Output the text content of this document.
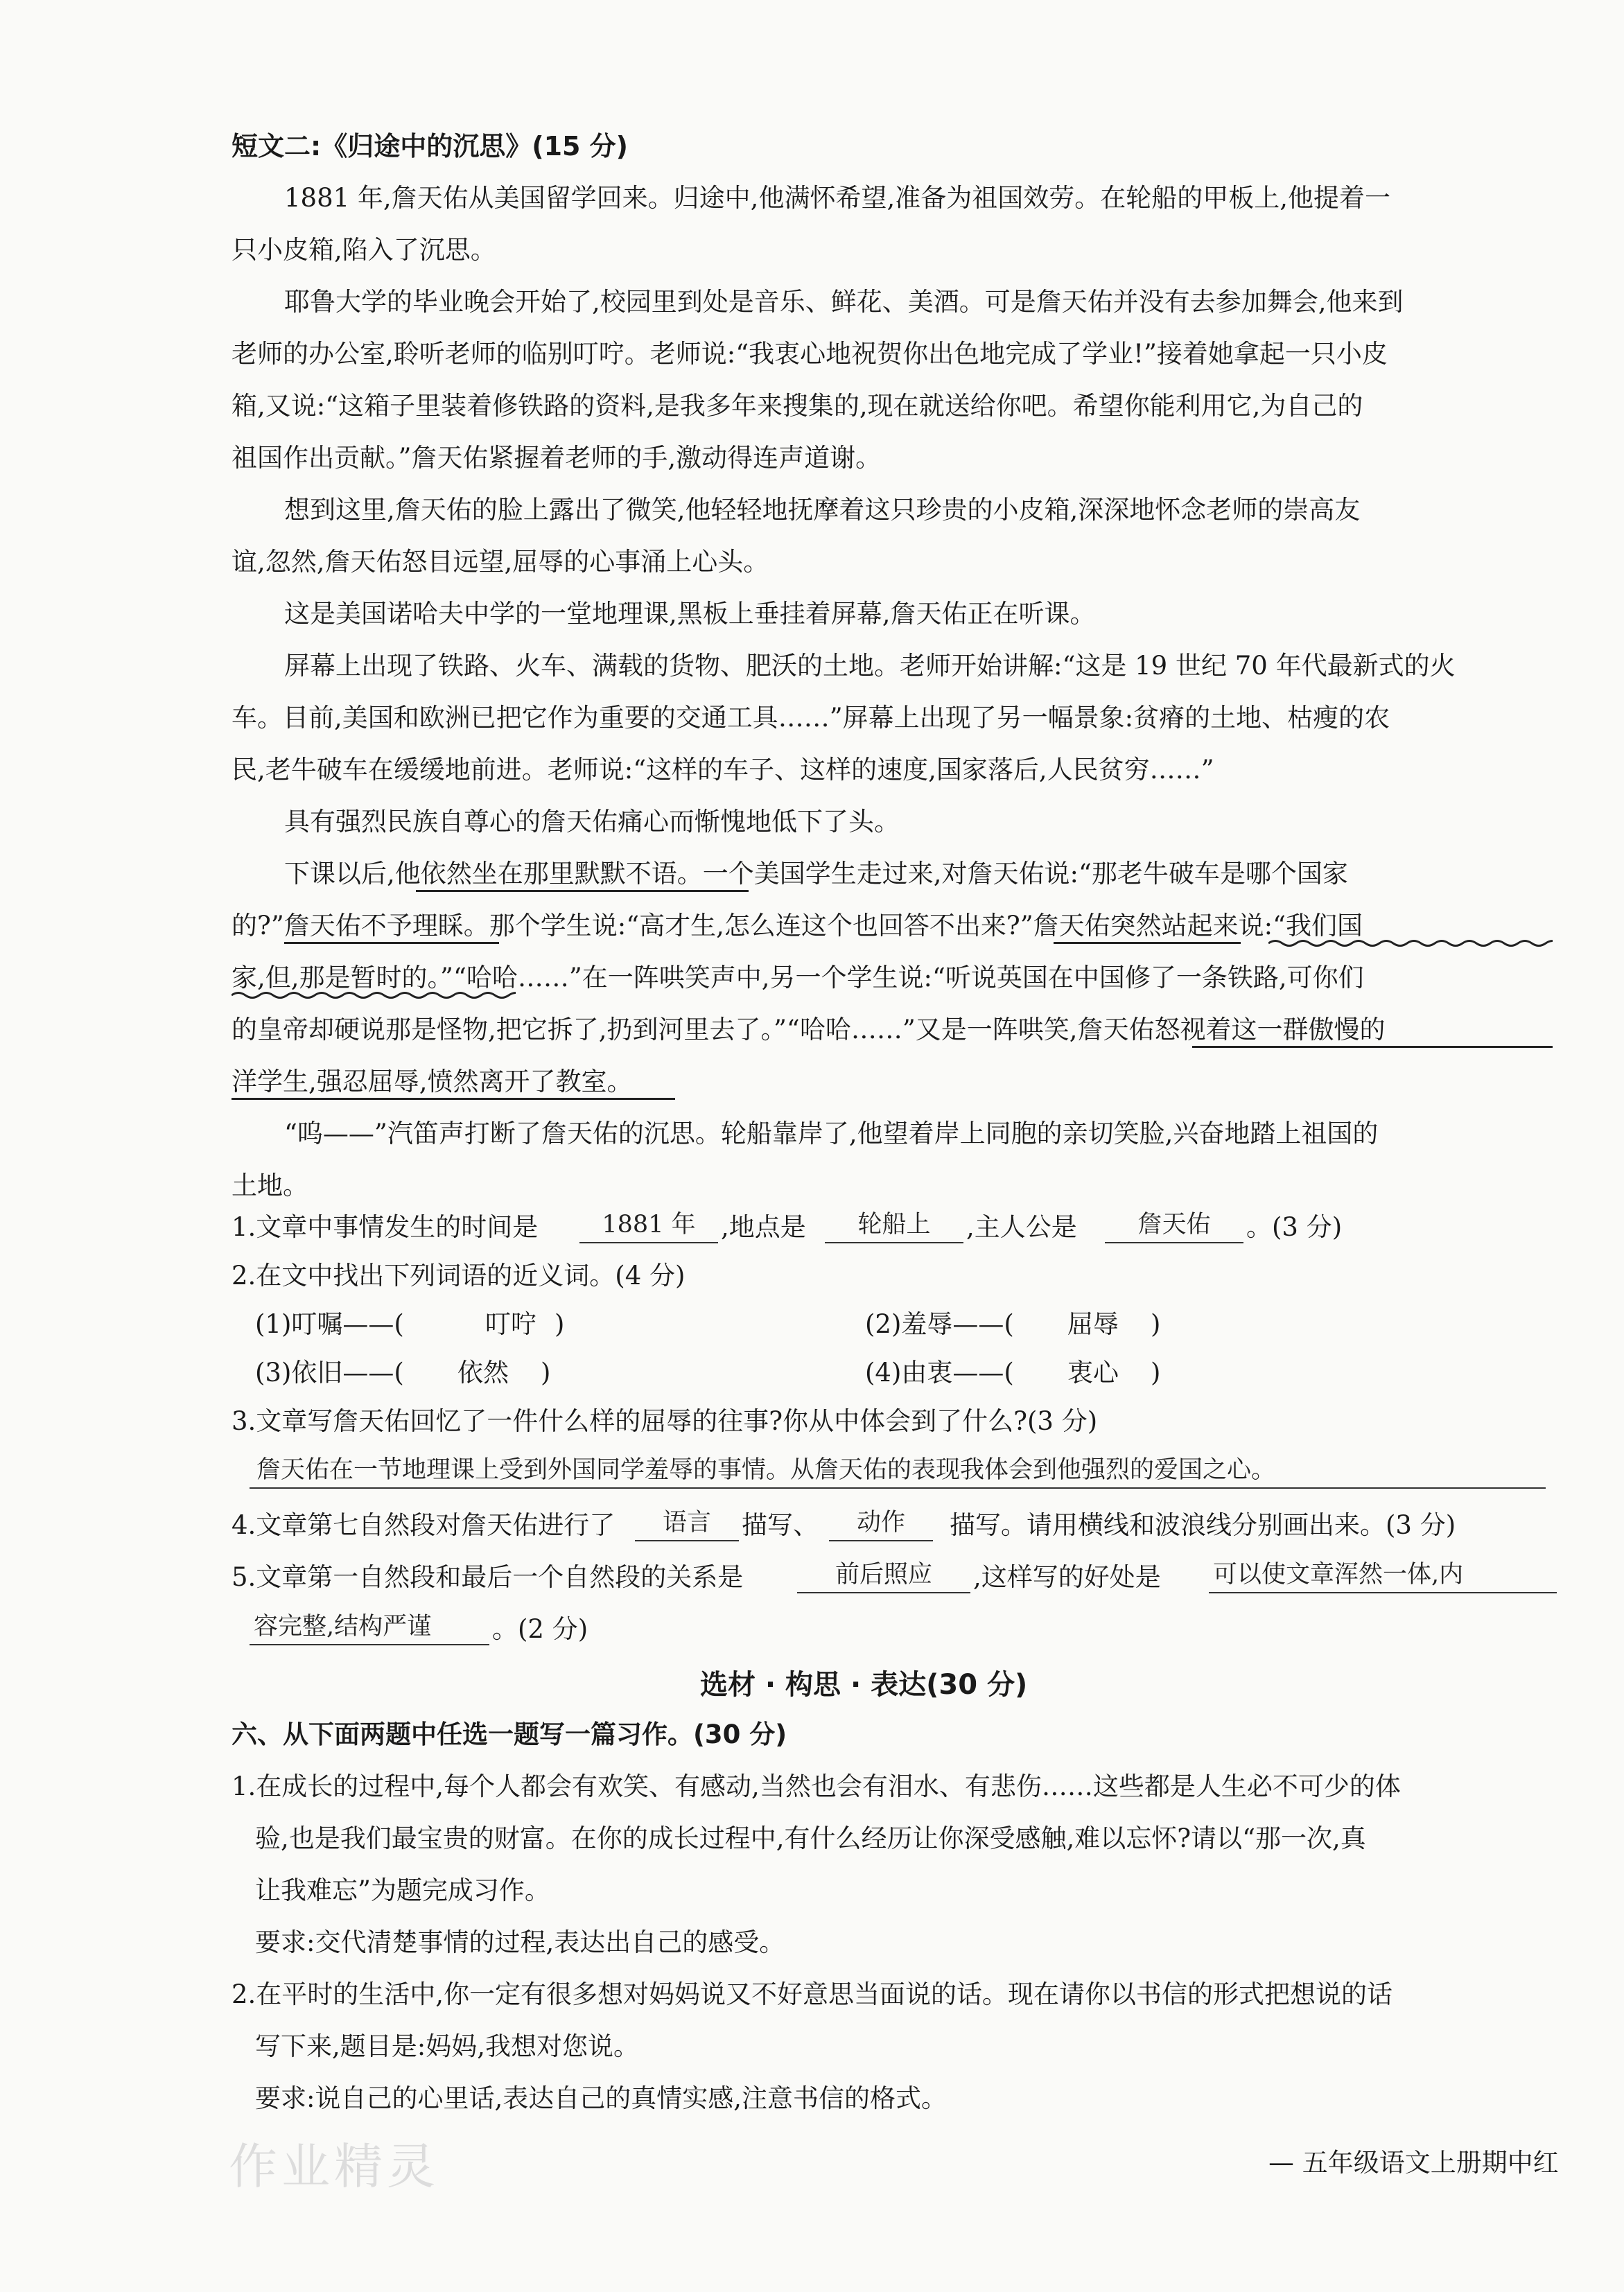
短文二:《归途中的沉思》(15 分)
1881 年,詹天佑从美国留学回来。归途中,他满怀希望,准备为祖国效劳。在轮船的甲板上,他提着一
只小皮箱,陷入了沉思。
耶鲁大学的毕业晚会开始了,校园里到处是音乐、鲜花、美酒。可是詹天佑并没有去参加舞会,他来到
老师的办公室,聆听老师的临别叮咛。老师说:“我衷心地祝贺你出色地完成了学业!”接着她拿起一只小皮
箱,又说:“这箱子里装着修铁路的资料,是我多年来搜集的,现在就送给你吧。希望你能利用它,为自己的
祖国作出贡献。”詹天佑紧握着老师的手,激动得连声道谢。
想到这里,詹天佑的脸上露出了微笑,他轻轻地抚摩着这只珍贵的小皮箱,深深地怀念老师的崇高友
谊,忽然,詹天佑怒目远望,屈辱的心事涌上心头。
这是美国诺哈夫中学的一堂地理课,黑板上垂挂着屏幕,詹天佑正在听课。
屏幕上出现了铁路、火车、满载的货物、肥沃的土地。老师开始讲解:“这是 19 世纪 70 年代最新式的火
车。目前,美国和欧洲已把它作为重要的交通工具……”屏幕上出现了另一幅景象:贫瘠的土地、枯瘦的农
民,老牛破车在缓缓地前进。老师说:“这样的车子、这样的速度,国家落后,人民贫穷……”
具有强烈民族自尊心的詹天佑痛心而惭愧地低下了头。
下课以后,他依然坐在那里默默不语。一个美国学生走过来,对詹天佑说:“那老牛破车是哪个国家
的?”詹天佑不予理睬。那个学生说:“高才生,怎么连这个也回答不出来?”詹天佑突然站起来说:“我们国
家,但,那是暂时的。”“哈哈……”在一阵哄笑声中,另一个学生说:“听说英国在中国修了一条铁路,可你们
的皇帝却硬说那是怪物,把它拆了,扔到河里去了。”“哈哈……”又是一阵哄笑,詹天佑怒视着这一群傲慢的
洋学生,强忍屈辱,愤然离开了教室。
“呜——”汽笛声打断了詹天佑的沉思。轮船靠岸了,他望着岸上同胞的亲切笑脸,兴奋地踏上祖国的
土地。
1.文章中事情发生的时间是	1881 年 ,地点是	轮船上	,主人公是	詹天佑	。(3 分)
2.在文中找出下列词语的近义词。(4 分)
(1)叮嘱——(	叮咛 )	(2)羞辱——( 屈辱 )
(3)依旧——( 依然 )	(4)由衷——( 衷心 )
3.文章写詹天佑回忆了一件什么样的屈辱的往事?你从中体会到了什么?(3 分)
詹天佑在一节地理课上受到外国同学羞辱的事情。从詹天佑的表现我体会到他强烈的爱国之心。
4.文章第七自然段对詹天佑进行了	语言	描写、	动作	描写。请用横线和波浪线分别画出来。(3 分)
5.文章第一自然段和最后一个自然段的关系是	前后照应	,这样写的好处是 可以使文章浑然一体,内
容完整,结构严谨	。(2 分)
选材 · 构思 · 表达(30 分)
六、从下面两题中任选一题写一篇习作。(30 分)
1.在成长的过程中,每个人都会有欢笑、有感动,当然也会有泪水、有悲伤……这些都是人生必不可少的体
验,也是我们最宝贵的财富。在你的成长过程中,有什么经历让你深受感触,难以忘怀?请以“那一次,真
让我难忘”为题完成习作。
要求:交代清楚事情的过程,表达出自己的感受。
2.在平时的生活中,你一定有很多想对妈妈说又不好意思当面说的话。现在请你以书信的形式把想说的话
写下来,题目是:妈妈,我想对您说。
要求:说自己的心里话,表达自己的真情实感,注意书信的格式。
作业精灵	— 五年级语文上册期中红
